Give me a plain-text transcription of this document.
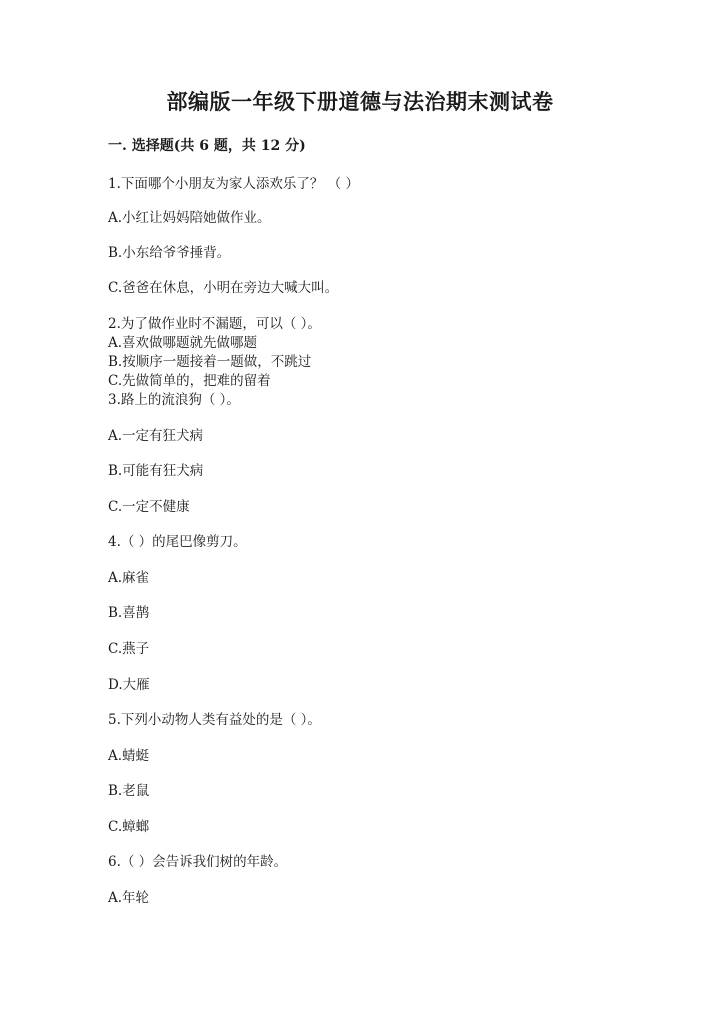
部编版一年级下册道德与法治期末测试卷
一. 选择题(共 6 题，共 12 分)
1.下面哪个小朋友为家人添欢乐了？ （ ）
A.小红让妈妈陪她做作业。
B.小东给爷爷捶背。
C.爸爸在休息，小明在旁边大喊大叫。
2.为了做作业时不漏题，可以（ ）。
A.喜欢做哪题就先做哪题
B.按顺序一题接着一题做，不跳过
C.先做简单的，把难的留着
3.路上的流浪狗（ ）。
A.一定有狂犬病
B.可能有狂犬病
C.一定不健康
4.（ ）的尾巴像剪刀。
A.麻雀
B.喜鹊
C.燕子
D.大雁
5.下列小动物人类有益处的是（ ）。
A.蜻蜓
B.老鼠
C.蟑螂
6.（ ）会告诉我们树的年龄。
A.年轮
